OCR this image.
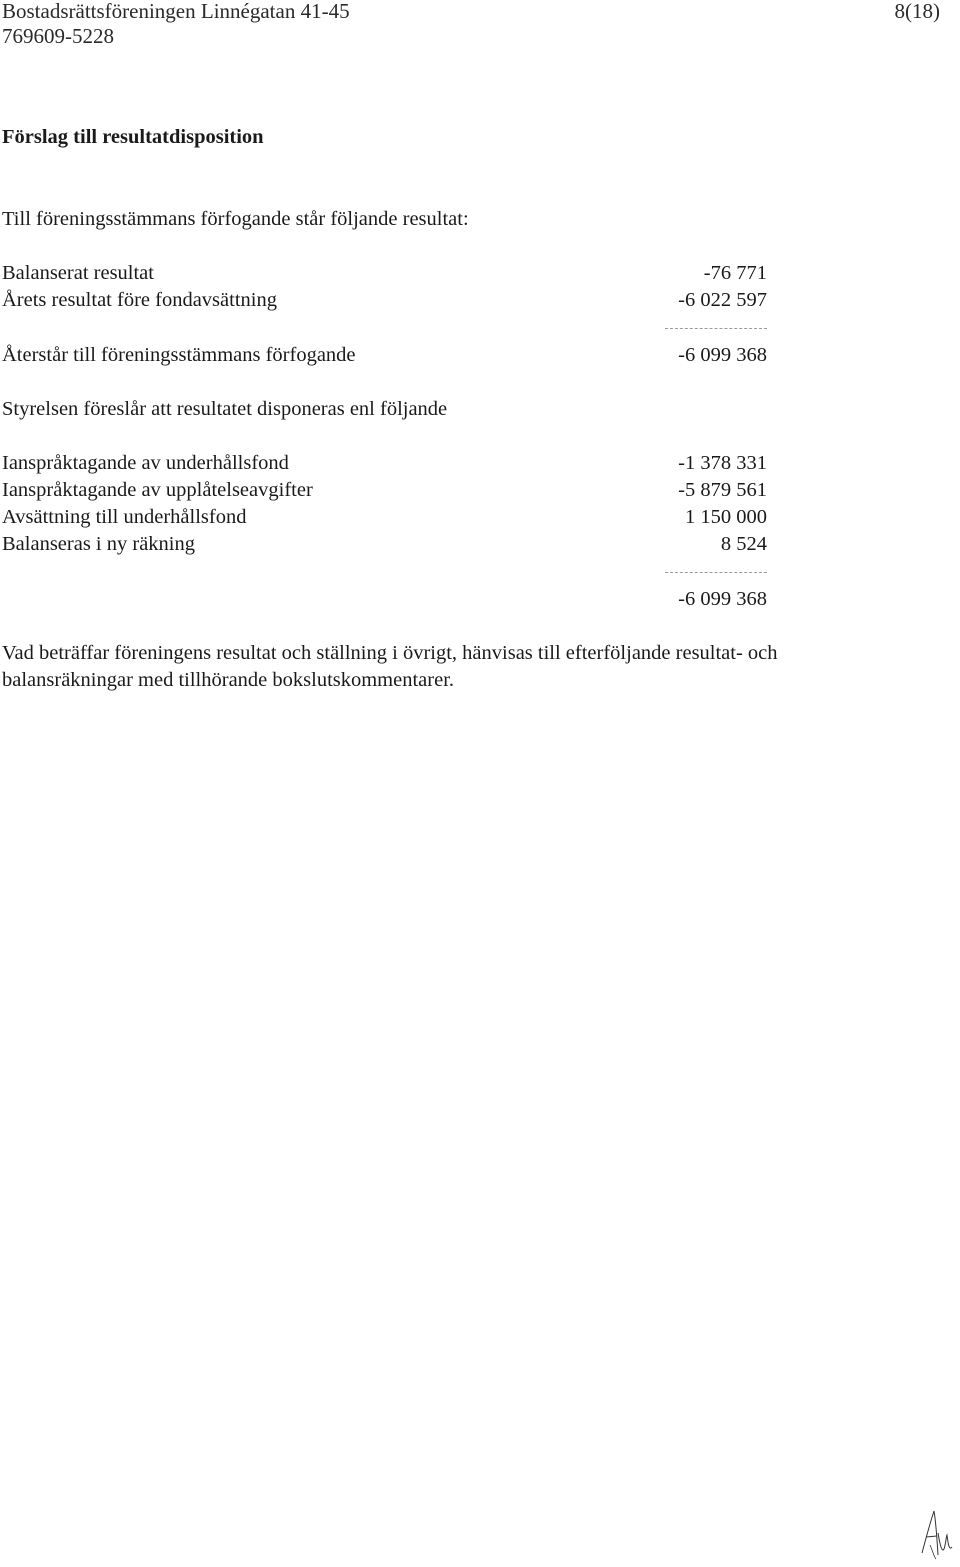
Bostadsrättsföreningen Linnégatan 41-45
769609-5228
8(18)
Förslag till resultatdisposition
Till föreningsstämmans förfogande står följande resultat:
Balanserat resultat	-76 771
Årets resultat före fondavsättning	-6 022 597
Återstår till föreningsstämmans förfogande	-6 099 368
Styrelsen föreslår att resultatet disponeras enl följande
Ianspråktagande av underhållsfond	-1 378 331
Ianspråktagande av upplåtelseavgifter	-5 879 561
Avsättning till underhållsfond	1 150 000
Balanseras i ny räkning	8 524
-6 099 368
Vad beträffar föreningens resultat och ställning i övrigt, hänvisas till efterföljande resultat- och
balansräkningar med tillhörande bokslutskommentarer.
